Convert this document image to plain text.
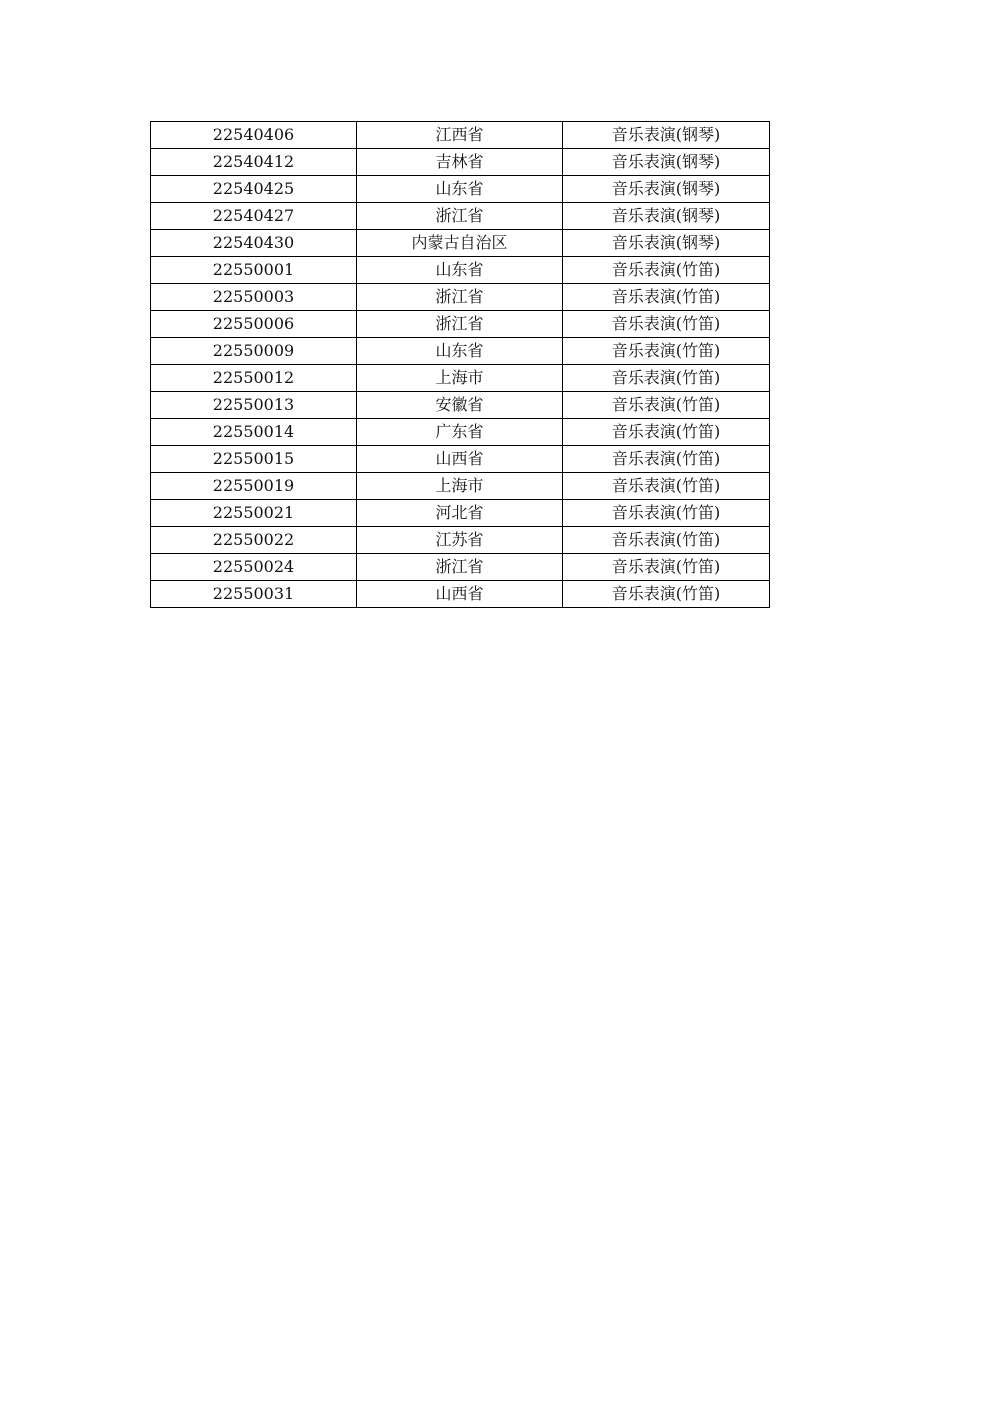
22540406	江西省	音乐表演(钢琴)
22540412	吉林省	音乐表演(钢琴)
22540425	山东省	音乐表演(钢琴)
22540427	浙江省	音乐表演(钢琴)
22540430	内蒙古自治区	音乐表演(钢琴)
22550001	山东省	音乐表演(竹笛)
22550003	浙江省	音乐表演(竹笛)
22550006	浙江省	音乐表演(竹笛)
22550009	山东省	音乐表演(竹笛)
22550012	上海市	音乐表演(竹笛)
22550013	安徽省	音乐表演(竹笛)
22550014	广东省	音乐表演(竹笛)
22550015	山西省	音乐表演(竹笛)
22550019	上海市	音乐表演(竹笛)
22550021	河北省	音乐表演(竹笛)
22550022	江苏省	音乐表演(竹笛)
22550024	浙江省	音乐表演(竹笛)
22550031	山西省	音乐表演(竹笛)
